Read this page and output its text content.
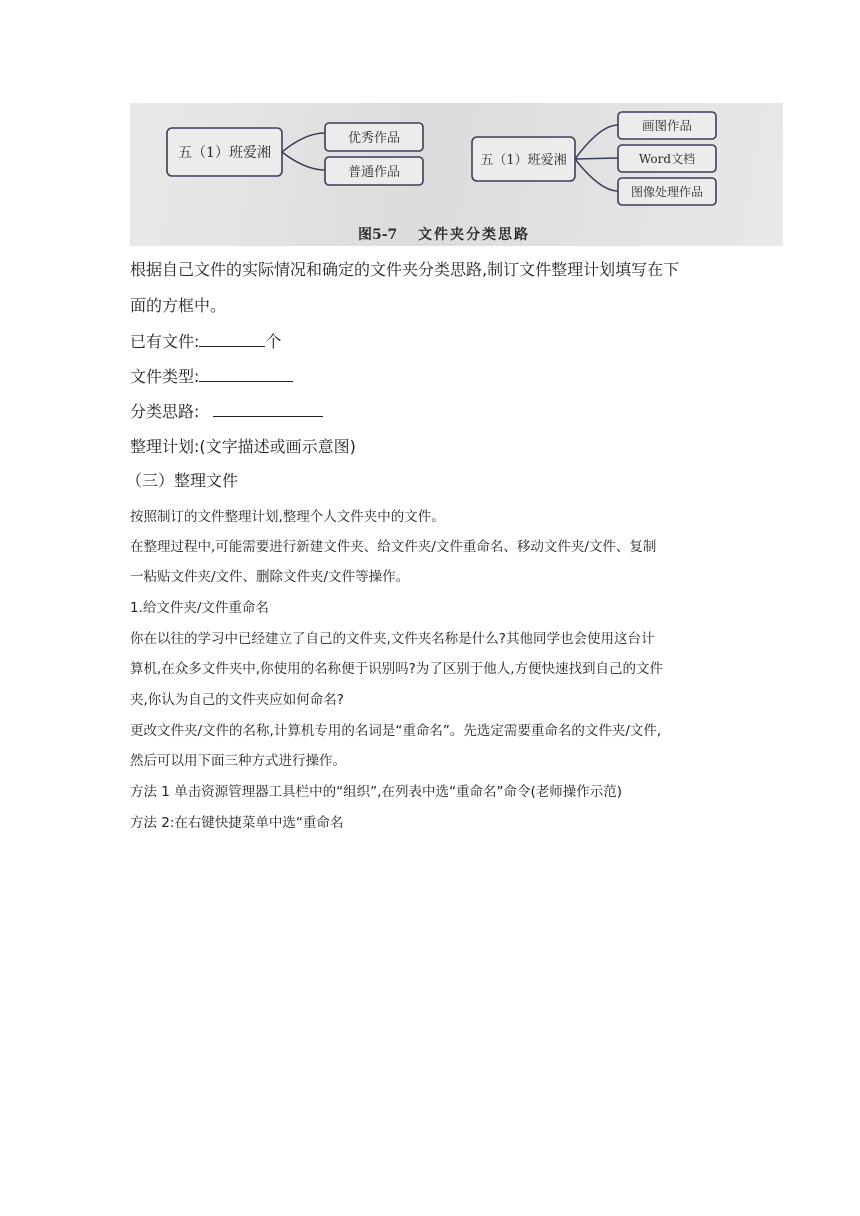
五（1）班爱湘
优秀作品
普通作品
五（1）班爱湘
画图作品
Word文档
图像处理作品
图5-7 文件夹分类思路
根据自己文件的实际情况和确定的文件夹分类思路,制订文件整理计划填写在下
面的方框中。
已有文件:	个
文件类型:
分类思路:
整理计划:(文字描述或画示意图)
（三）整理文件
按照制订的文件整理计划,整理个人文件夹中的文件。
在整理过程中,可能需要进行新建文件夹、给文件夹/文件重命名、移动文件夹/文件、复制
一粘贴文件夹/文件、删除文件夹/文件等操作。
1.给文件夹/文件重命名
你在以往的学习中已经建立了自己的文件夹,文件夹名称是什么?其他同学也会使用这台计
算机,在众多文件夹中,你使用的名称便于识别吗?为了区别于他人,方便快速找到自己的文件
夹,你认为自己的文件夹应如何命名?
更改文件夹/文件的名称,计算机专用的名词是“重命名”。先选定需要重命名的文件夹/文件,
然后可以用下面三种方式进行操作。
方法 1 单击资源管理器工具栏中的“组织”,在列表中选“重命名”命令(老师操作示范)
方法 2:在右键快捷菜单中选“重命名
